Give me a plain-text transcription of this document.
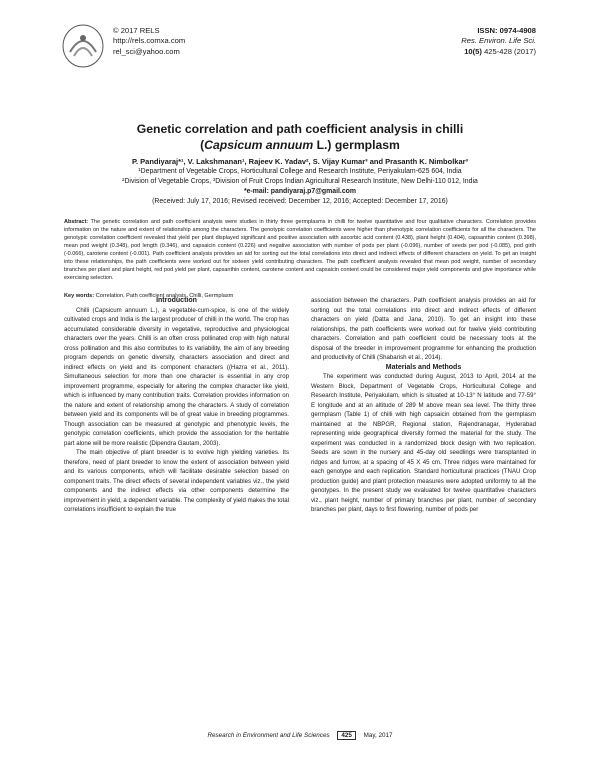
© 2017 RELS
http://rels.comxa.com
rel_sci@yahoo.com
ISSN: 0974-4908
Res. Environ. Life Sci.
10(5) 425-428 (2017)
Genetic correlation and path coefficient analysis in chilli
(Capsicum annuum L.) germplasm
P. Pandiyaraj*¹, V. Lakshmanan¹, Rajeev K. Yadav², S. Vijay Kumar³ and Prasanth K. Nimbolkar³
¹Department of Vegetable Crops, Horticultural College and Research Institute, Periyakulam-625 604, India
²Division of Vegetable Crops, ³Division of Fruit Crops Indian Agricultural Research Institute, New Delhi-110 012, India
*e-mail: pandiyaraj.p7@gmail.com
(Received: July 17, 2016; Revised received: December 12, 2016; Accepted: December 17, 2016)
Abstract: The genetic correlation and path coefficient analysis were studies in thirty three germplasms in chilli for twelve quantitative and four qualitative characters. Correlation provides information on the nature and extent of relationship among the characters. The genotypic correlation coefficients were higher than phenotypic correlation coefficients for all the characters. The genotypic correlation coefficient revealed that yield per plant displayed significant and positive association with ascorbic acid content (0.438), plant height (0.404), capsanthin content (0.398), mean pod weight (0.348), pod length (0.346), and capsaicin content (0.226) and negative association with number of pods per plant (-0.096), number of seeds per pod (-0.085), pod girth (-0.066), carotene content (-0.001). Path coefficient analysis provides an aid for sorting out the total correlations into direct and indirect effects of different characters on yield. To get an insight into these relationships, the path coefficients were worked out for sixteen yield contributing characters. The path coefficient analysis revealed that mean pod weight, number of secondary branches per plant and plant height, red pod yield per plant, capsanthin content, carotene content and capsaicin content could be considered major yield components and give importance while exercising selection.
Key words: Correlation, Path coefficient analysis, Chilli, Germplasm
Introduction

Chilli (Capsicum annuum L.), a vegetable-cum-spice, is one of the widely cultivated crops and India is the largest producer of chilli in the world. The crop has accumulated considerable diversity in vegetative, reproductive and physiological characters over the years. Chilli is an often cross pollinated crop with high natural cross pollination and this also contributes to its variability, the aim of any breeding program depends on genetic diversity, characters association and direct and indirect effects on yield and its component characters ((Hazra et al., 2011). Simultaneous selection for more than one character is essential in any crop improvement programme, especially for altering the complex character like yield, which is influenced by many contribution traits. Correlation provides information on the nature and extent of relationship among the characters. A study of correlation between yield and its components will be of great value in breeding programmes. Though association can be measured at genotypic and phenotypic levels, the genotypic correlation coefficients, which provide the association for the heritable part alone will be more realistic (Dipendra Gautam, 2003).

The main objective of plant breeder is to evolve high yielding varieties. Its therefore, need of plant breeder to know the extent of association between yield and its various components, which will facilitate desirable selection based on component traits. The direct effects of several independent variables viz., the yield components and the indirect effects via other components determine the improvement in yield, a dependent variable. The complexity of yield makes the total correlations insufficient to explain the true

association between the characters. Path coefficient analysis provides an aid for sorting out the total correlations into direct and indirect effects of different characters on yield (Datta and Jana, 2010). To get an insight into these relationships, the path coefficients were worked out for twelve yield contributing characters. Correlation and path coefficient could be necessary tools at the disposal of the breeder in improvement programme for enhancing the production and productivity of Chilli (Shabarish et al., 2014).

Materials and Methods

The experiment was conducted during August, 2013 to April, 2014 at the Western Block, Department of Vegetable Crops, Horticultural College and Research Institute, Periyakulam, which is situated at 10-13° N latitude and 77-59° E longitude and at an altitude of 289 M above mean sea level. The thirty three germplasm (Table 1) of chilli with high capsaicin obtained from the germplasm maintained at the NBPGR, Regional station, Rajendranagar, Hyderabad representing wide geographical diversity formed the material for the study. The experiment was conducted in a randomized block design with two replication. Seeds are sown in the nursery and 45-day old seedlings were transplanted in ridges and furrow, at a spacing of 45 X 45 cm. Three ridges were maintained for each genotype and each replication. Standard horticultural practices (TNAU Crop production guide) and plant protection measures were adopted uniformly to all the genotypes. In the present study we evaluated for twelve quantitative characters viz., plant height, number of primary branches per plant, number of secondary branches per plant, days to first flowering, number of pods per

Research in Environment and Life Sciences 425 May, 2017
